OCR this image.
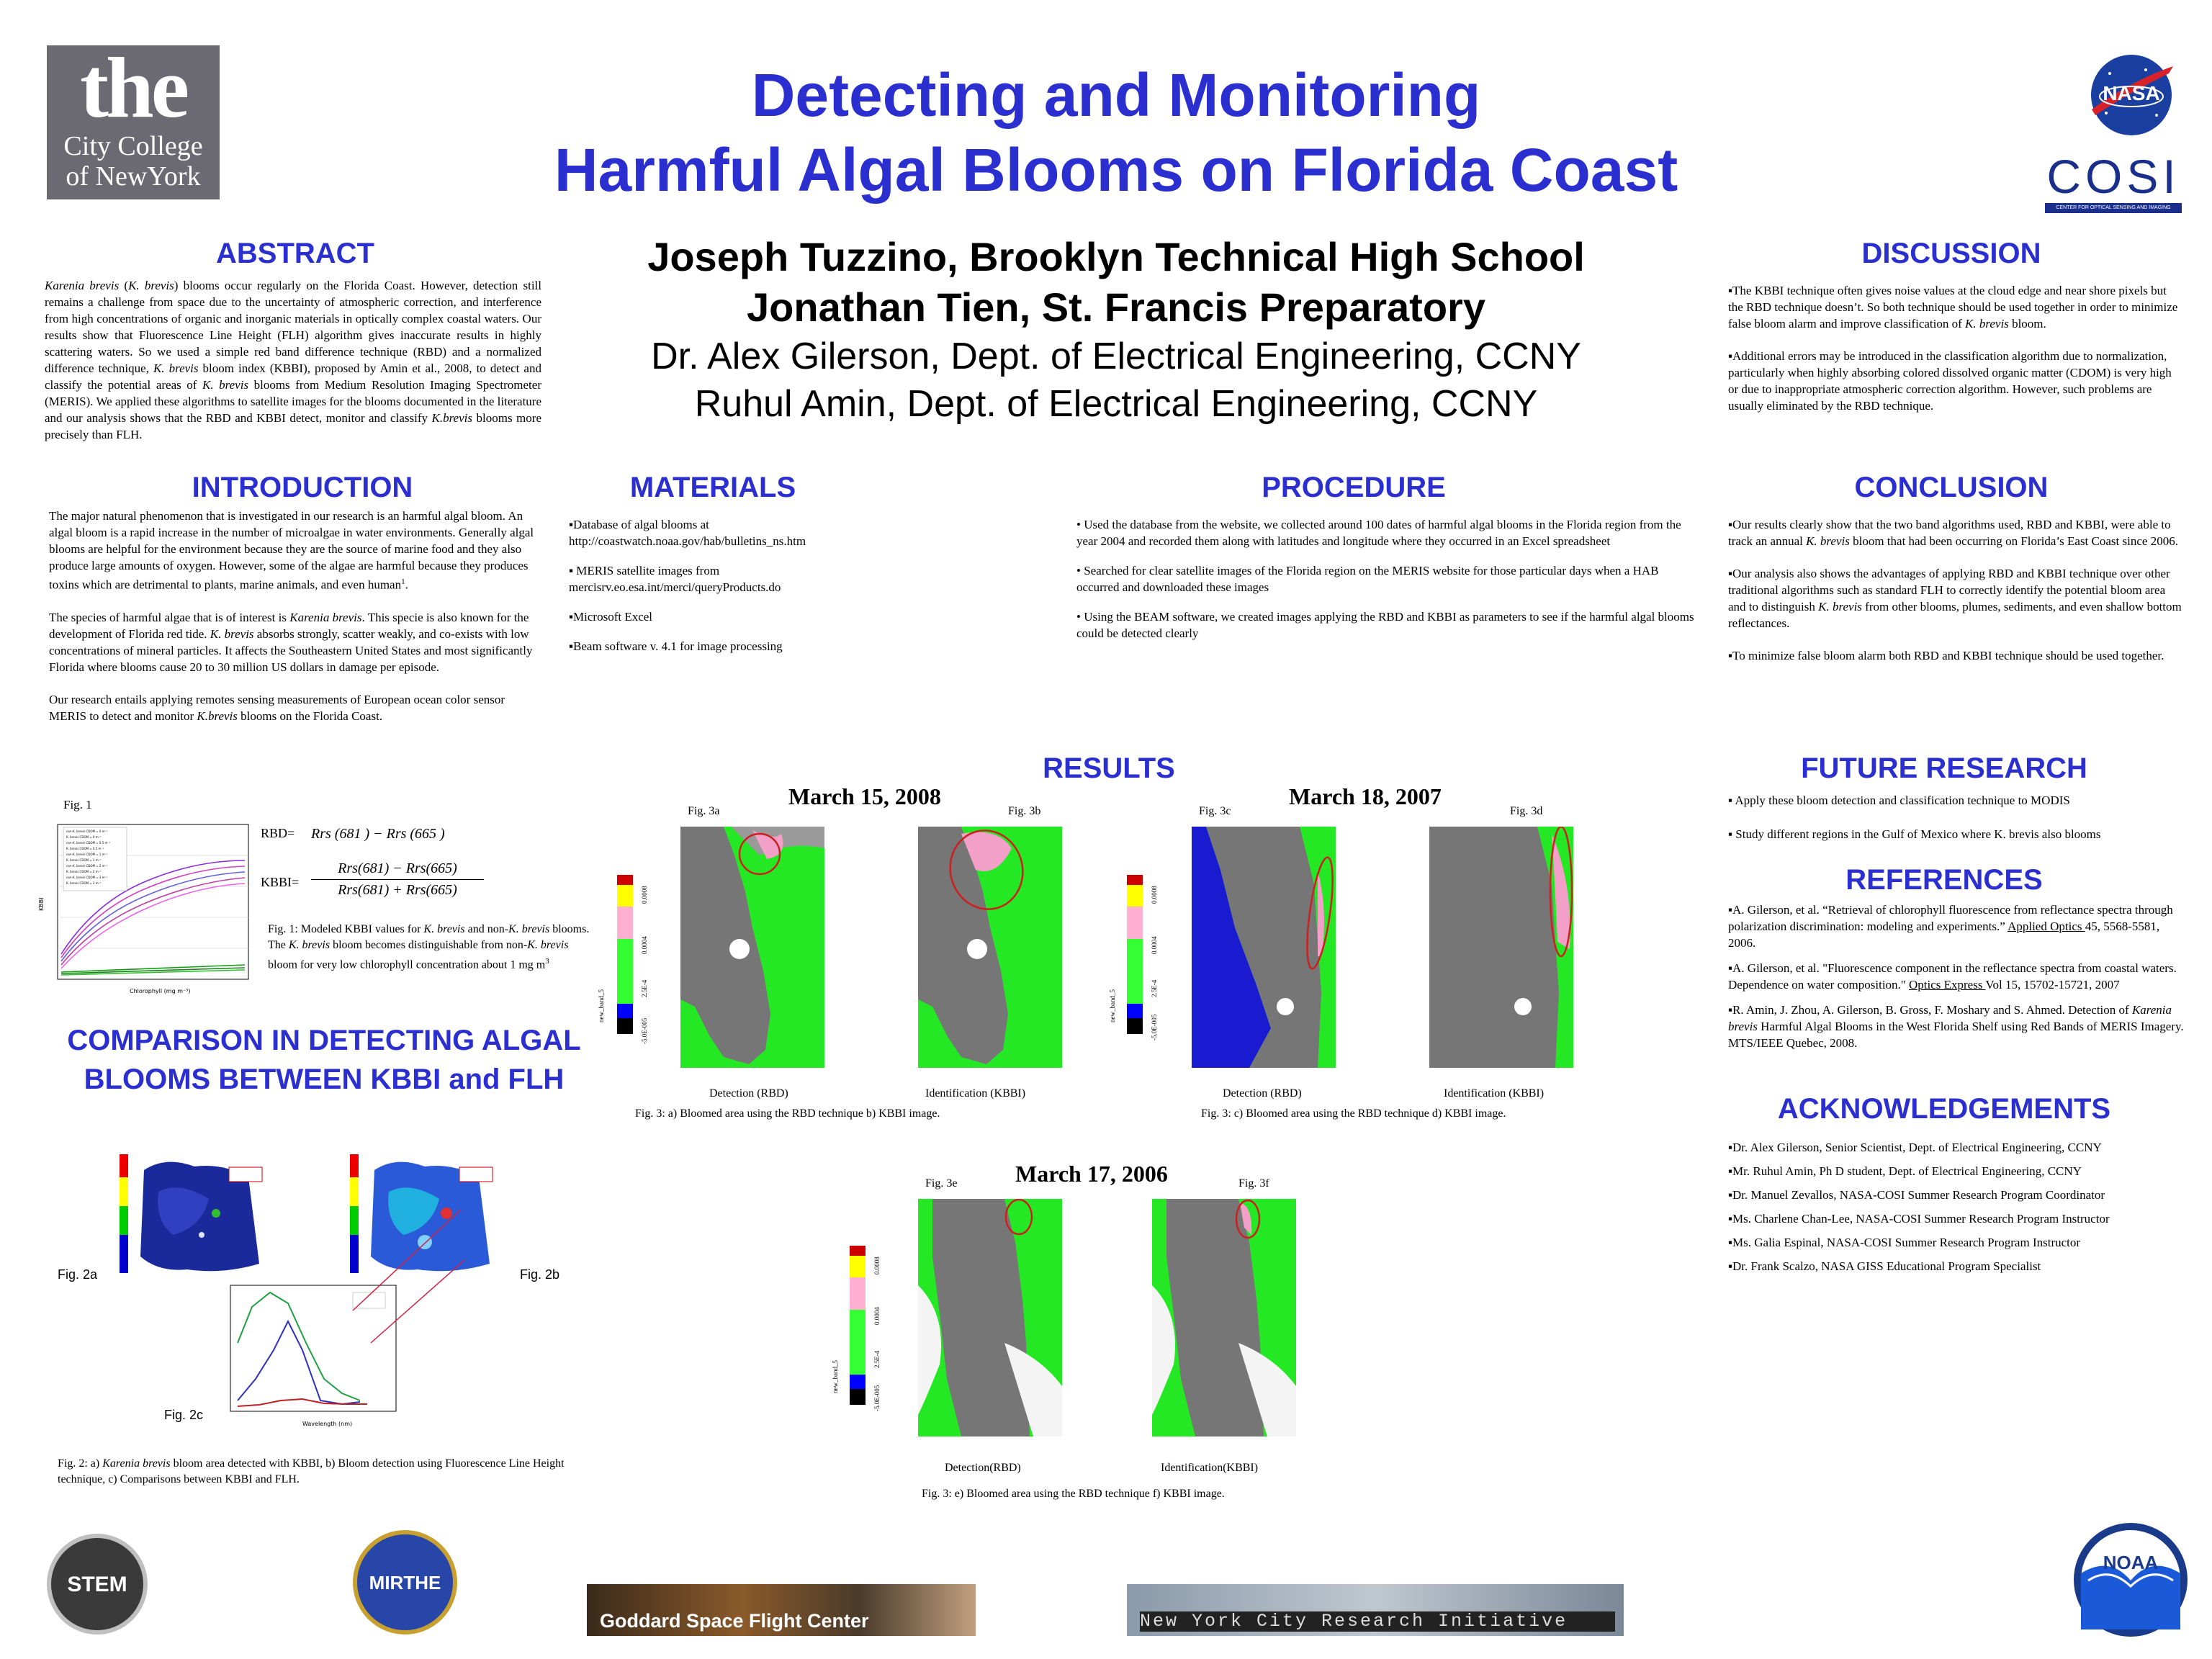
the
City College
of NewYork
NASA
COSI
CENTER FOR OPTICAL SENSING AND IMAGING
Detecting and Monitoring
Harmful Algal Blooms on Florida Coast
Joseph Tuzzino, Brooklyn Technical High School
Jonathan Tien, St. Francis Preparatory
Dr. Alex Gilerson, Dept. of Electrical Engineering, CCNY
Ruhul Amin, Dept. of Electrical Engineering, CCNY
ABSTRACT
Karenia brevis (K. brevis) blooms occur regularly on the Florida Coast. However, detection still remains a challenge from space due to the uncertainty of atmospheric correction, and interference from high concentrations of organic and inorganic materials in optically complex coastal waters. Our results show that Fluorescence Line Height (FLH) algorithm gives inaccurate results in highly scattering waters. So we used a simple red band difference technique (RBD) and a normalized difference technique, K. brevis bloom index (KBBI), proposed by Amin et al., 2008, to detect and classify the potential areas of K. brevis blooms from Medium Resolution Imaging Spectrometer (MERIS). We applied these algorithms to satellite images for the blooms documented in the literature and our analysis shows that the RBD and KBBI detect, monitor and classify K.brevis blooms more precisely than FLH.
INTRODUCTION

The major natural phenomenon that is investigated in our research is an harmful algal bloom. An algal bloom is a rapid increase in the number of microalgae in water environments. Generally algal blooms are helpful for the environment because they are the source of marine food and they also produce large amounts of oxygen. However, some of the algae are harmful because they produces toxins which are detrimental to plants, marine animals, and even human$^1$.

The species of harmful algae that is of interest is Karenia brevis. This specie is also known for the development of Florida red tide. K. brevis absorbs strongly, scatter weakly, and co-exists with low concentrations of mineral particles. It affects the Southeastern United States and most significantly Florida where blooms cause 20 to 30 million US dollars in damage per episode.

Our research entails applying remotes sensing measurements of European ocean color sensor MERIS to detect and monitor K.brevis blooms on the Florida Coast.

Fig. 1
non-K. brevis CDOM = 0 m⁻¹
K. brevis CDOM = 0 m⁻¹
non-K. brevis CDOM = 0.5 m⁻¹
K. brevis CDOM = 0.5 m⁻¹
non-K. brevis CDOM = 1 m⁻¹
K. brevis CDOM = 1 m⁻¹
non-K. brevis CDOM = 2 m⁻¹
K. brevis CDOM = 2 m⁻¹
non-K. brevis CDOM = 3 m⁻¹
K. brevis CDOM = 3 m⁻¹
Chlorophyll (mg m⁻³)
KBBI
RBD= Rrs (681 ) − Rrs (665 )
KBBI=
Rrs(681) − Rrs(665)
Rrs(681) + Rrs(665)
Fig. 1: Modeled KBBI values for K. brevis and non-K. brevis blooms. The K. brevis bloom becomes distinguishable from non-K. brevis bloom for very low chlorophyll concentration about 1 mg $m^3$
COMPARISON IN DETECTING ALGAL
BLOOMS BETWEEN KBBI and FLH
Fig. 2a	Fig. 2b
Wavelength (nm)
Fig. 2c
Fig. 2: a) Karenia brevis bloom area detected with KBBI, b) Bloom detection using Fluorescence Line Height technique, c) Comparisons between KBBI and FLH.
MATERIALS
▪Database of algal blooms at http://coastwatch.noaa.gov/hab/bulletins_ns.htm
▪ MERIS satellite images from mercisrv.eo.esa.int/merci/queryProducts.do
▪Microsoft Excel
▪Beam software v. 4.1 for image processing
PROCEDURE
• Used the database from the website, we collected around 100 dates of harmful algal blooms in the Florida region from the year 2004 and recorded them along with latitudes and longitude where they occurred in an Excel spreadsheet
• Searched for clear satellite images of the Florida region on the MERIS website for those particular days when a HAB occurred and downloaded these images
• Using the BEAM software, we created images applying the RBD and KBBI as parameters to see if the harmful algal blooms could be detected clearly
RESULTS
March 15, 2008
Fig. 3a	Fig. 3b
new_band_5
0.0008
0.0004
2.5E-4
-5.0E-005
Detection (RBD)	Identification (KBBI)
Fig. 3: a) Bloomed area using the RBD technique b) KBBI image.
March 18, 2007
Fig. 3c	Fig. 3d
new_band_5
0.0008
0.0004
2.5E-4
-5.0E-005
Detection (RBD)	Identification (KBBI)
Fig. 3: c) Bloomed area using the RBD technique d) KBBI image.
March 17, 2006
Fig. 3e	Fig. 3f
new_band_5
0.0008
0.0004
2.5E-4
-5.0E-005
Detection(RBD)	Identification(KBBI)
Fig. 3: e) Bloomed area using the RBD technique f) KBBI image.
DISCUSSION

▪The KBBI technique often gives noise values at the cloud edge and near shore pixels but the RBD technique doesn’t. So both technique should be used together in order to minimize false bloom alarm and improve classification of K. brevis bloom.

▪Additional errors may be introduced in the classification algorithm due to normalization, particularly when highly absorbing colored dissolved organic matter (CDOM) is very high or due to inappropriate atmospheric correction algorithm. However, such problems are usually eliminated by the RBD technique.

CONCLUSION

▪Our results clearly show that the two band algorithms used, RBD and KBBI, were able to track an annual K. brevis bloom that had been occurring on Florida’s East Coast since 2006.

▪Our analysis also shows the advantages of applying RBD and KBBI technique over other traditional algorithms such as standard FLH to correctly identify the potential bloom area and to distinguish K. brevis from other blooms, plumes, sediments, and even shallow bottom reflectances.

▪To minimize false bloom alarm both RBD and KBBI technique should be used together.

FUTURE RESEARCH
▪ Apply these bloom detection and classification technique to MODIS
▪ Study different regions in the Gulf of Mexico where K. brevis also blooms
REFERENCES

▪A. Gilerson, et al. “Retrieval of chlorophyll fluorescence from reflectance spectra through polarization discrimination: modeling and experiments.” Applied Optics 45, 5568-5581, 2006.

▪A. Gilerson, et al. "Fluorescence component in the reflectance spectra from coastal waters. Dependence on water composition." Optics Express Vol 15, 15702-15721, 2007

▪R. Amin, J. Zhou, A. Gilerson, B. Gross, F. Moshary and S. Ahmed. Detection of Karenia brevis Harmful Algal Blooms in the West Florida Shelf using Red Bands of MERIS Imagery. MTS/IEEE Quebec, 2008.

ACKNOWLEDGEMENTS
▪Dr. Alex Gilerson, Senior Scientist, Dept. of Electrical Engineering, CCNY
▪Mr. Ruhul Amin, Ph D student, Dept. of Electrical Engineering, CCNY
▪Dr. Manuel Zevallos, NASA-COSI Summer Research Program Coordinator
▪Ms. Charlene Chan-Lee, NASA-COSI Summer Research Program Instructor
▪Ms. Galia Espinal, NASA-COSI Summer Research Program Instructor
▪Dr. Frank Scalzo, NASA GISS Educational Program Specialist
STEM	MIRTHE
Goddard Space Flight Center	New York City Research Initiative
NOAA
